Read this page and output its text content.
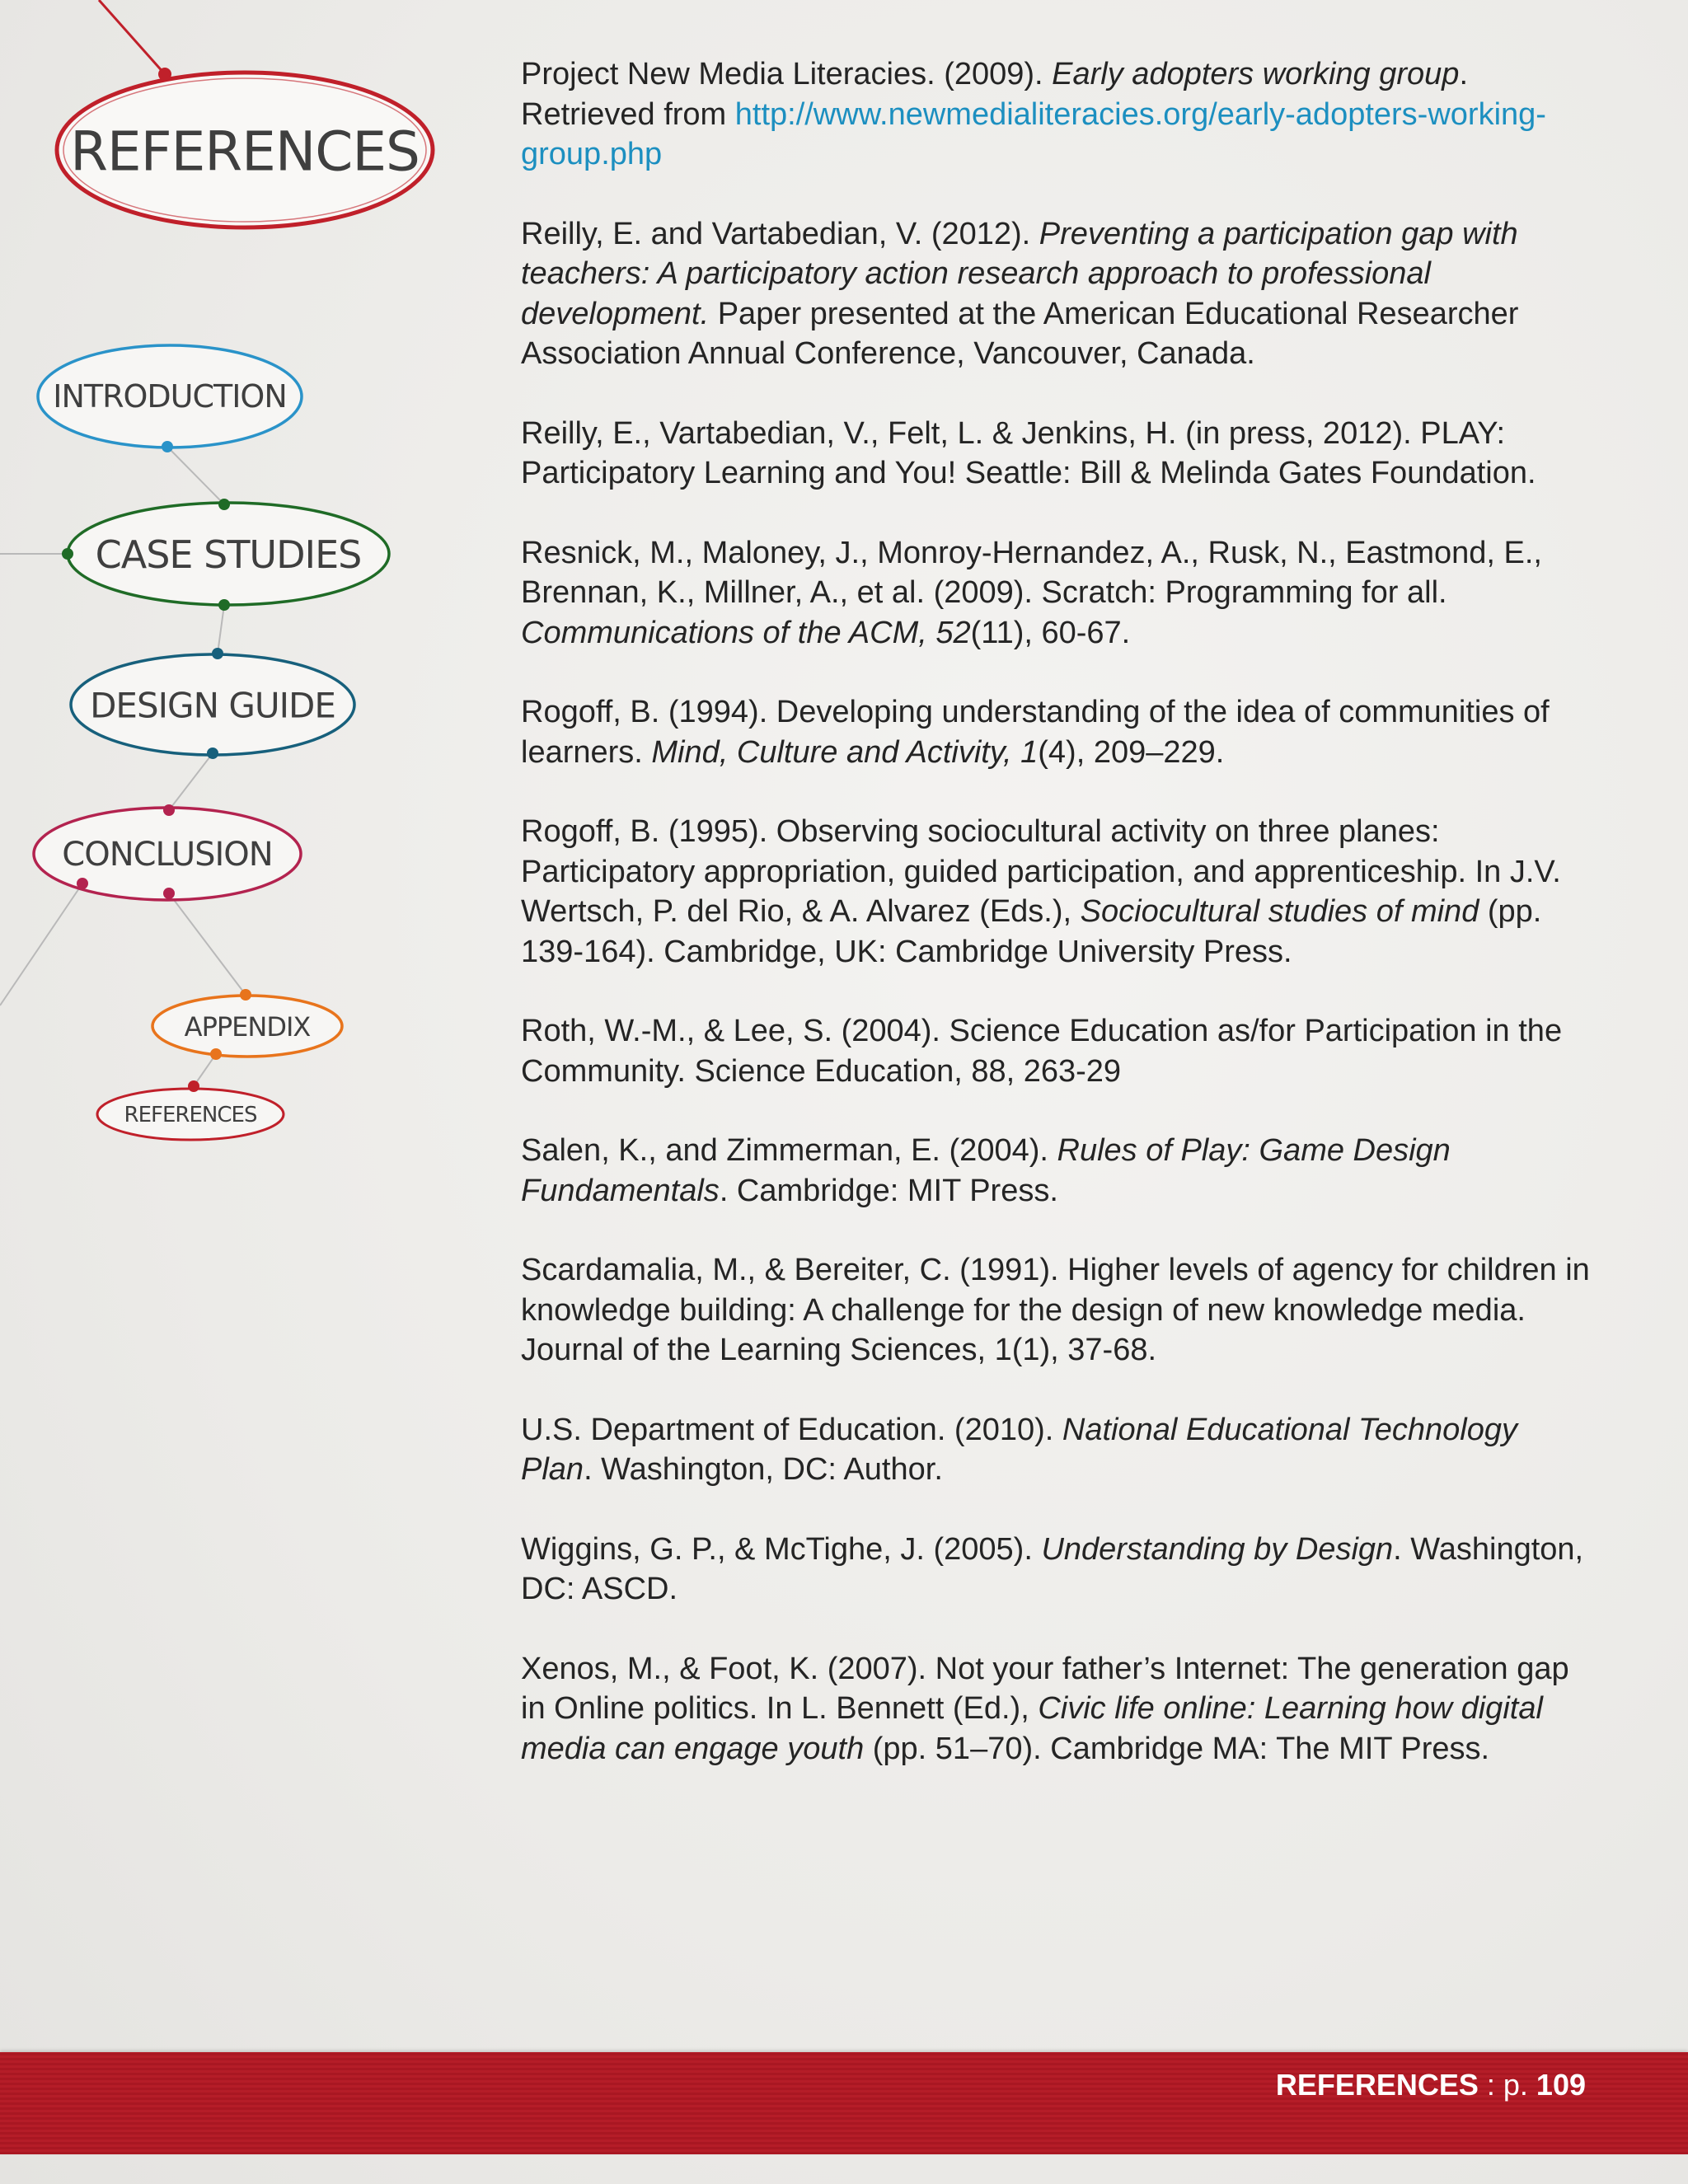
REFERENCES
INTRODUCTION
CASE STUDIES
DESIGN GUIDE
CONCLUSION
APPENDIX
REFERENCES

Project New Media Literacies. (2009). Early adopters working group. Retrieved from http://www.newmedialiteracies.org/early-adopters-working-group.php

Reilly, E. and Vartabedian, V. (2012). Preventing a participation gap with teachers: A participatory action research approach to professional development. Paper presented at the American Educational Researcher Association Annual Conference, Vancouver, Canada.

Reilly, E., Vartabedian, V., Felt, L. & Jenkins, H. (in press, 2012). PLAY: Participatory Learning and You! Seattle: Bill & Melinda Gates Foundation.

Resnick, M., Maloney, J., Monroy-Hernandez, A., Rusk, N., Eastmond, E., Brennan, K., Millner, A., et al. (2009). Scratch: Programming for all. Communications of the ACM, 52(11), 60-67.

Rogoff, B. (1994). Developing understanding of the idea of communities of learners. Mind, Culture and Activity, 1(4), 209–229.

Rogoff, B. (1995). Observing sociocultural activity on three planes: Participatory appropriation, guided participation, and apprenticeship. In J.V. Wertsch, P. del Rio, & A. Alvarez (Eds.), Sociocultural studies of mind (pp. 139-164). Cambridge, UK: Cambridge University Press.

Roth, W.-M., & Lee, S. (2004). Science Education as/for Participation in the Community. Science Education, 88, 263-29

Salen, K., and Zimmerman, E. (2004). Rules of Play: Game Design Fundamentals. Cambridge: MIT Press.

Scardamalia, M., & Bereiter, C. (1991). Higher levels of agency for children in knowledge building: A challenge for the design of new knowledge media. Journal of the Learning Sciences, 1(1), 37-68.

U.S. Department of Education. (2010). National Educational Technology Plan. Washington, DC: Author.

Wiggins, G. P., & McTighe, J. (2005). Understanding by Design. Washington, DC: ASCD.

Xenos, M., & Foot, K. (2007). Not your father’s Internet: The generation gap in Online politics. In L. Bennett (Ed.), Civic life online: Learning how digital media can engage youth (pp. 51–70). Cambridge MA: The MIT Press.

REFERENCES : p. 109
